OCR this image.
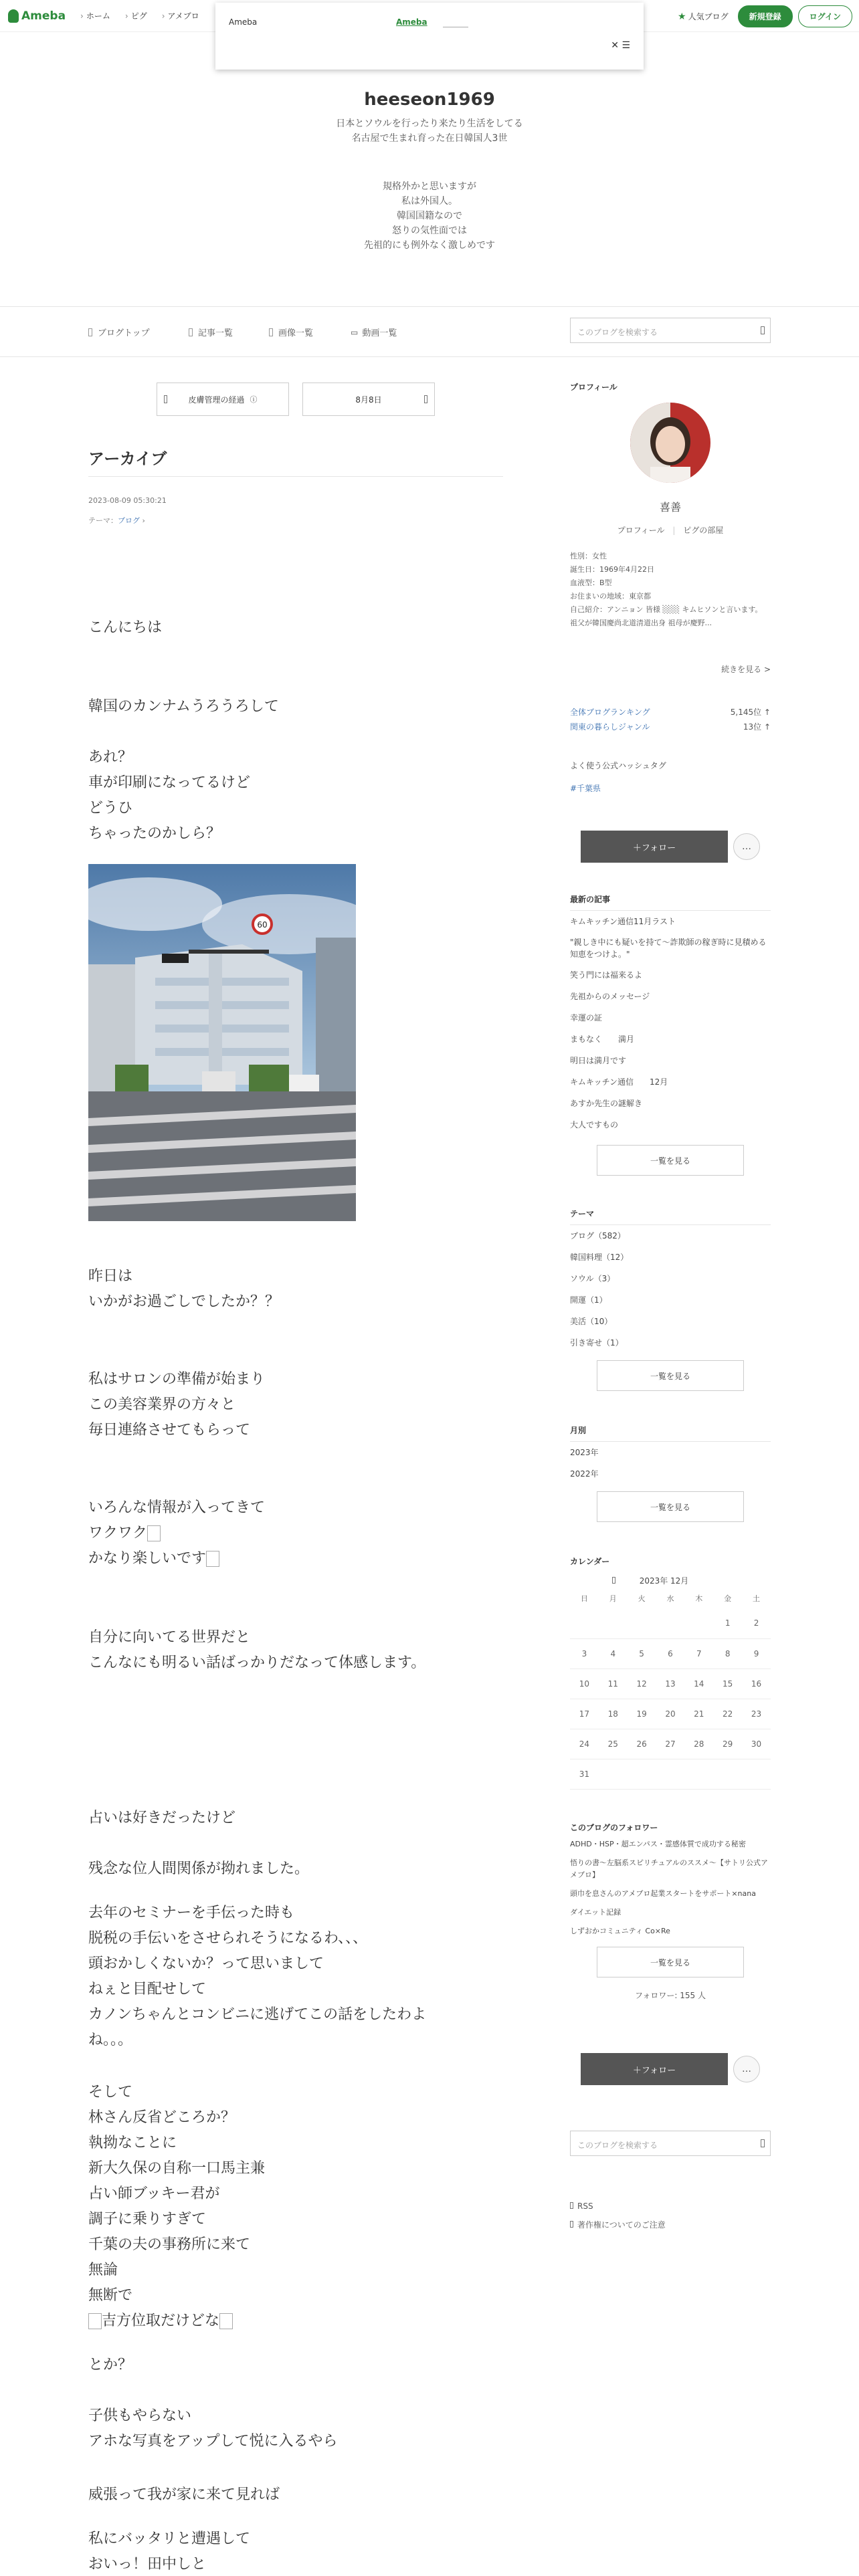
Ameba	› ホーム	› ピグ	› アメブロ	★ 人気ブログ	新規登録	ログイン
Ameba	Ameba
✕ ☰
heeseon1969
日本とソウルを行ったり来たり生活をしてる
名古屋で生まれ育った在日韓国人3世
規格外かと思いますが
私は外国人。
韓国国籍なので
怒りの気性面では
先祖的にも例外なく激しめです
ブログトップ	記事一覧	画像一覧	▭ 動画一覧	このブログを検索する
皮膚管理の経過 ⓘ	8月8日
アーカイブ
2023-08-09 05:30:21
テーマ：ブログ ›
こんにちは
韓国のカンナムうろうろして
あれ？
車が印刷になってるけど
どうひ
ちゃったのかしら？
60
昨日は
いかがお過ごしでしたか？？
私はサロンの準備が始まり
この美容業界の方々と
毎日連絡させてもらって
いろんな情報が入ってきて
ワクワク
かなり楽しいです
自分に向いてる世界だと
こんなにも明るい話ばっかりだなって体感します。
占いは好きだったけど
残念な位人間関係が拗れました。
去年のセミナーを手伝った時も
脱税の手伝いをさせられそうになるわ、、、
頭おかしくないか？って思いまして
ねぇと目配せして
カノンちゃんとコンビニに逃げてこの話をしたわよ
ね。。。
そして
林さん反省どころか？
執拗なことに
新大久保の自称一口馬主兼
占い師ブッキー君が
調子に乗りすぎて
千葉の夫の事務所に来て
無論
無断で
吉方位取だけどな
とか？
子供もやらない
アホな写真をアップして悦に入るやら
威張って我が家に来て見れば
私にバッタリと遭遇して
おいっ！田中しと
プロフィール
喜善
プロフィール | ピグの部屋
性別：女性
誕生日：1969年4月22日
血液型：B型
お住まいの地域：東京都
自己紹介：アンニョン 皆様 ░░░ キムヒソンと言います。 祖父が韓国慶尚北道清道出身 祖母が慶野...
続きを見る >
全体ブログランキング	5,145位 ↑
関東の暮らしジャンル	13位 ↑
よく使う公式ハッシュタグ
#千葉県
＋フォロー	…
最新の記事
キムキッチン通信11月ラスト
"親しき中にも疑いを持て～詐欺師の稼ぎ時に見積める知恵をつけよ。"
笑う門には福来るよ
先祖からのメッセージ
幸運の証
まもなく　　満月
明日は満月です
キムキッチン通信　　12月
あすか先生の謎解き
大人ですもの
一覧を見る
テーマ
ブログ（582）
韓国料理（12）
ソウル（3）
開運（1）
美活（10）
引き寄せ（1）
一覧を見る
月別
2023年
2022年
一覧を見る
カレンダー
2023年 12月
日	月	火	水	木	金	土
					1	2
3	4	5	6	7	8	9
10	11	12	13	14	15	16
17	18	19	20	21	22	23
24	25	26	27	28	29	30
31						
このブログのフォロワー
ADHD・HSP・超エンパス・霊感体質で成功する秘密
悟りの書〜左脳系スピリチュアルのススメ〜【サトリ公式アメブロ】
頭巾を息さんのアメブロ起業スタートをサポート×nana
ダイエット記録
しずおかコミュニティ Co×Re
一覧を見る
フォロワー: 155 人
＋フォロー	…
このブログを検索する
RSS
著作権についてのご注意
